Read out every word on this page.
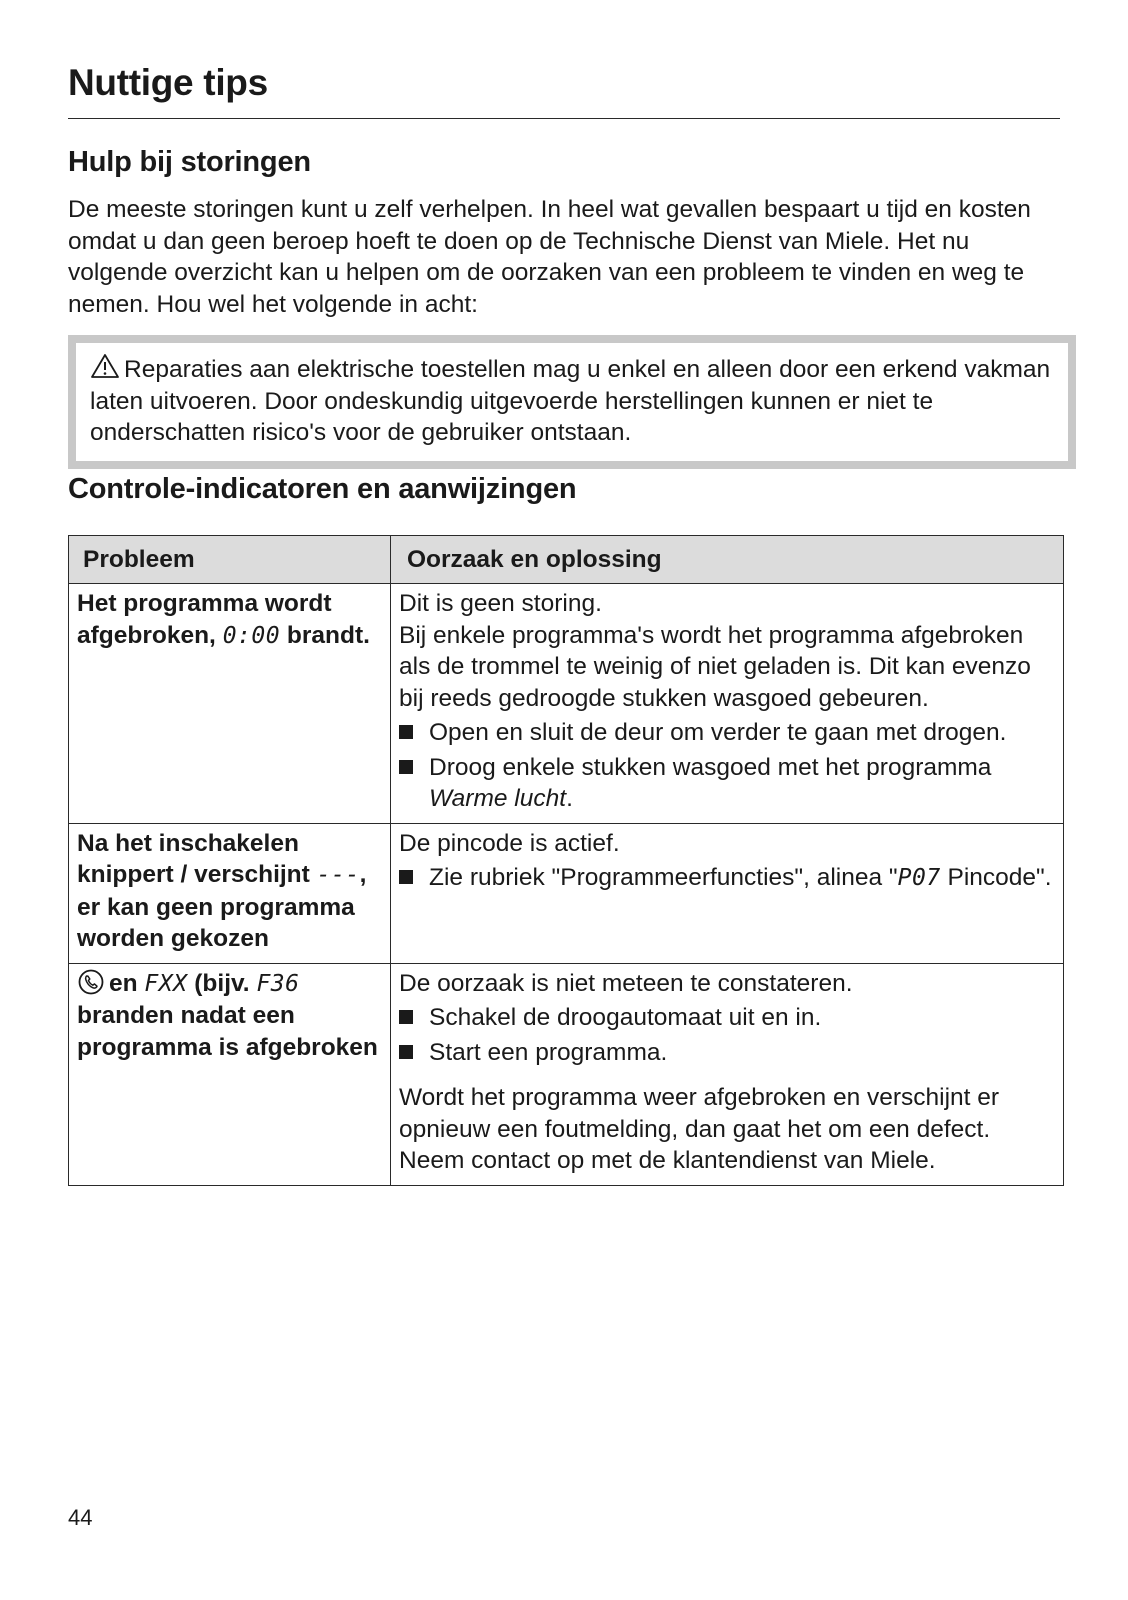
Nuttige tips
Hulp bij storingen

De meeste storingen kunt u zelf verhelpen. In heel wat gevallen bespaart u tijd en kosten omdat u dan geen beroep hoeft te doen op de Technische Dienst van Miele. Het nu volgende overzicht kan u helpen om de oorzaken van een probleem te vinden en weg te nemen. Hou wel het volgende in acht:

Reparaties aan elektrische toestellen mag u enkel en alleen door een erkend vakman laten uitvoeren. Door ondeskundig uitgevoerde herstellingen kunnen er niet te onderschatten risico's voor de gebruiker ontstaan.
Controle-indicatoren en aanwijzingen
Probleem	Oorzaak en oplossing
Het programma wordt afgebroken, 0:00 brandt.	Dit is geen storing.
Bij enkele programma's wordt het programma afgebroken als de trommel te weinig of niet geladen is. Dit kan evenzo bij reeds gedroogde stukken wasgoed gebeuren.
Open en sluit de deur om verder te gaan met drogen.
Droog enkele stukken wasgoed met het programma Warme lucht.

Na het inschakelen knippert / verschijnt ---, er kan geen programma worden gekozen	De pincode is actief.
Zie rubriek "Programmeerfuncties", alinea "P07 Pincode".

en FXX (bijv. F36 branden nadat een programma is afgebroken	De oorzaak is niet meteen te constateren.
Schakel de droogautomaat uit en in.
Start een programma.
Wordt het programma weer afgebroken en verschijnt er opnieuw een foutmelding, dan gaat het om een defect. Neem contact op met de klantendienst van Miele.
44
